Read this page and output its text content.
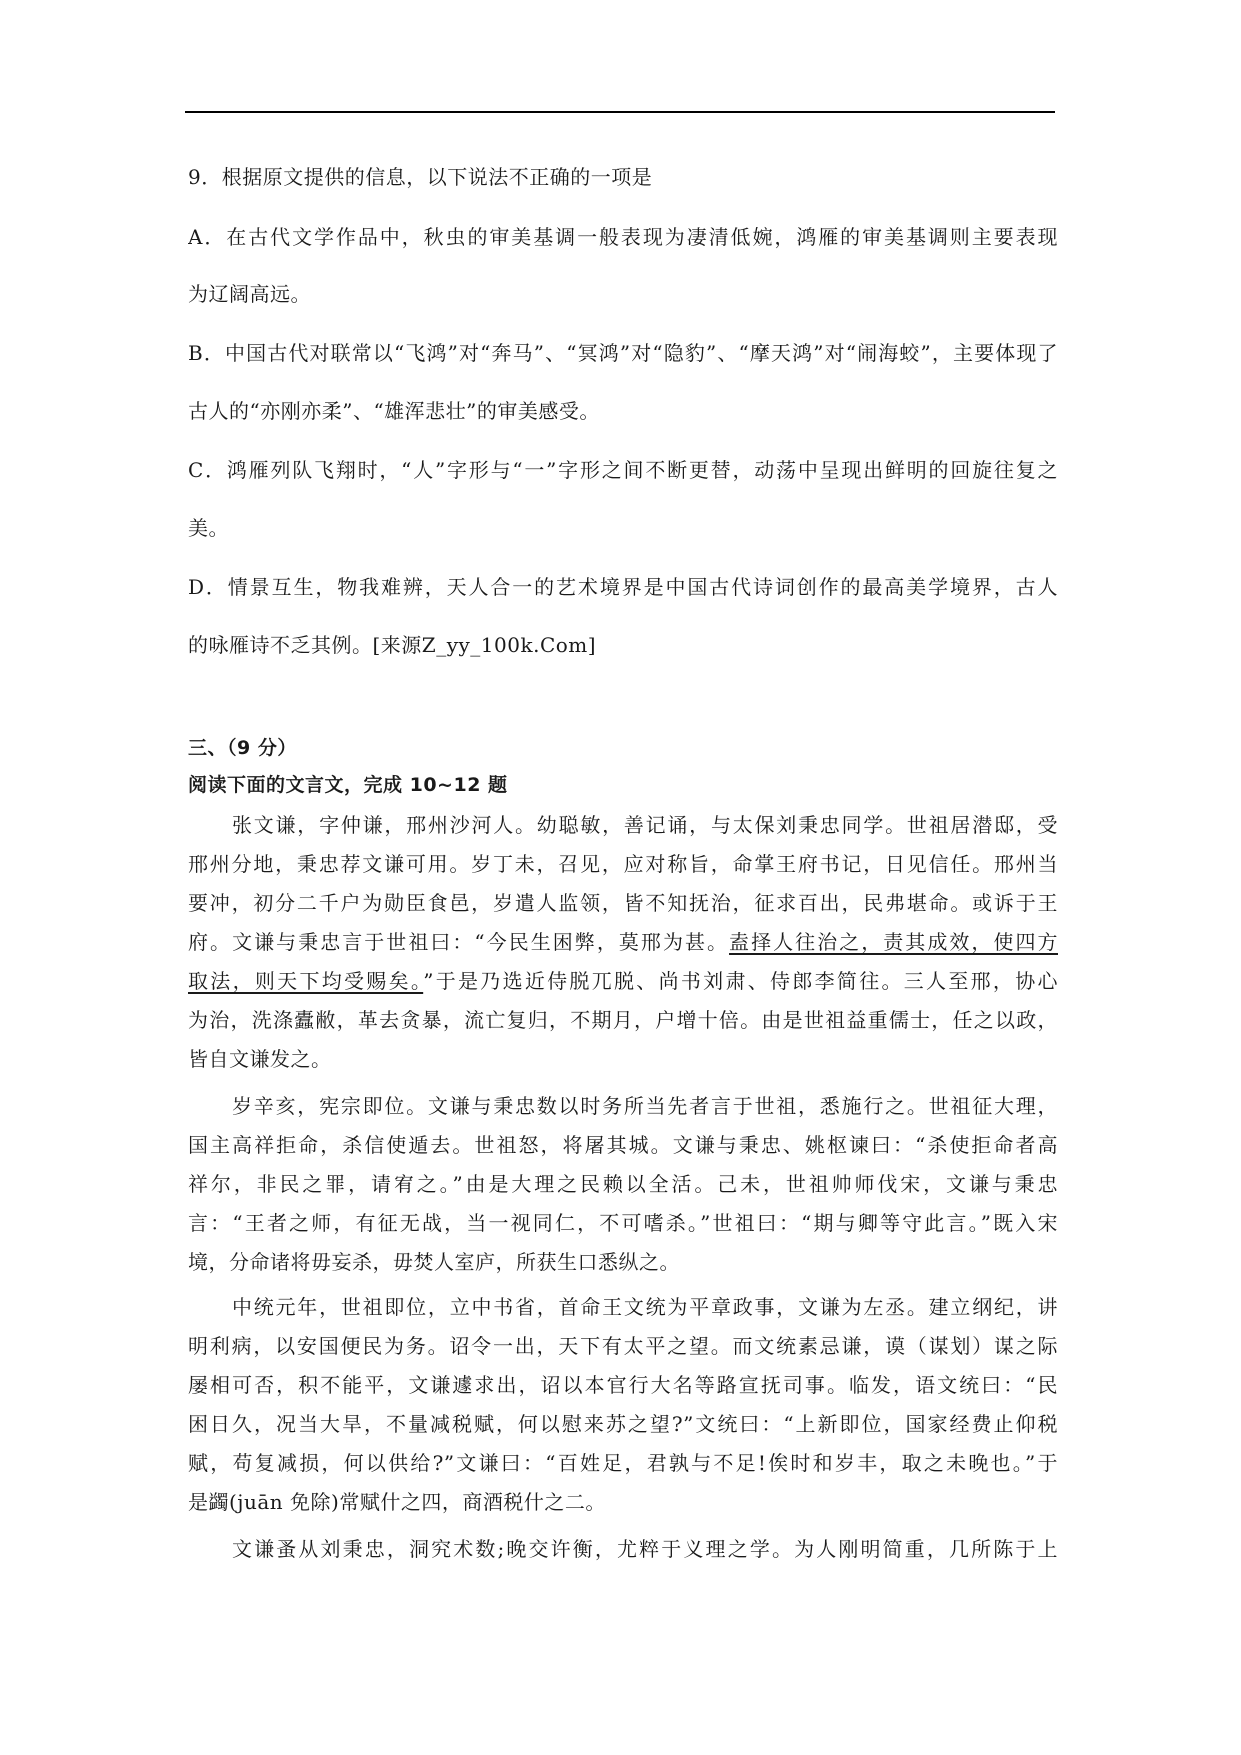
9．根据原文提供的信息，以下说法不正确的一项是
A．在古代文学作品中，秋虫的审美基调一般表现为凄清低婉，鸿雁的审美基调则主要表现
为辽阔高远。
B．中国古代对联常以“飞鸿”对“奔马”、“冥鸿”对“隐豹”、“摩天鸿”对“闹海蛟”，主要体现了
古人的“亦刚亦柔”、“雄浑悲壮”的审美感受。
C．鸿雁列队飞翔时，“人”字形与“一”字形之间不断更替，动荡中呈现出鲜明的回旋往复之
美。
D．情景互生，物我难辨，天人合一的艺术境界是中国古代诗词创作的最高美学境界，古人
的咏雁诗不乏其例。[来源Z_yy_100k.Com]
三、（9 分）
阅读下面的文言文，完成 10~12 题
张文谦，字仲谦，邢州沙河人。幼聪敏，善记诵，与太保刘秉忠同学。世祖居潜邸，受
邢州分地，秉忠荐文谦可用。岁丁未，召见，应对称旨，命掌王府书记，日见信任。邢州当
要冲，初分二千户为勋臣食邑，岁遣人监领，皆不知抚治，征求百出，民弗堪命。或诉于王
府。文谦与秉忠言于世祖曰：“今民生困弊，莫邢为甚。盍择人往治之，责其成效，使四方
取法，则天下均受赐矣。”于是乃选近侍脱兀脱、尚书刘肃、侍郎李简往。三人至邢，协心
为治，洗涤蠹敝，革去贪暴，流亡复归，不期月，户增十倍。由是世祖益重儒士，任之以政，
皆自文谦发之。
岁辛亥，宪宗即位。文谦与秉忠数以时务所当先者言于世祖，悉施行之。世祖征大理，
国主高祥拒命，杀信使遁去。世祖怒，将屠其城。文谦与秉忠、姚枢谏曰：“杀使拒命者高
祥尔，非民之罪，请宥之。”由是大理之民赖以全活。己未，世祖帅师伐宋，文谦与秉忠
言：“王者之师，有征无战，当一视同仁，不可嗜杀。”世祖曰：“期与卿等守此言。”既入宋
境，分命诸将毋妄杀，毋焚人室庐，所获生口悉纵之。
中统元年，世祖即位，立中书省，首命王文统为平章政事，文谦为左丞。建立纲纪，讲
明利病，以安国便民为务。诏令一出，天下有太平之望。而文统素忌谦，谟（谋划）谋之际
屡相可否，积不能平，文谦遽求出，诏以本官行大名等路宣抚司事。临发，语文统曰：“民
困日久，况当大旱，不量减税赋，何以慰来苏之望?”文统曰：“上新即位，国家经费止仰税
赋，苟复减损，何以供给?”文谦曰：“百姓足，君孰与不足!俟时和岁丰，取之未晚也。”于
是蠲(juān 免除)常赋什之四，商酒税什之二。
文谦蚤从刘秉忠，洞究术数;晚交许衡，尤粹于义理之学。为人刚明简重，几所陈于上
